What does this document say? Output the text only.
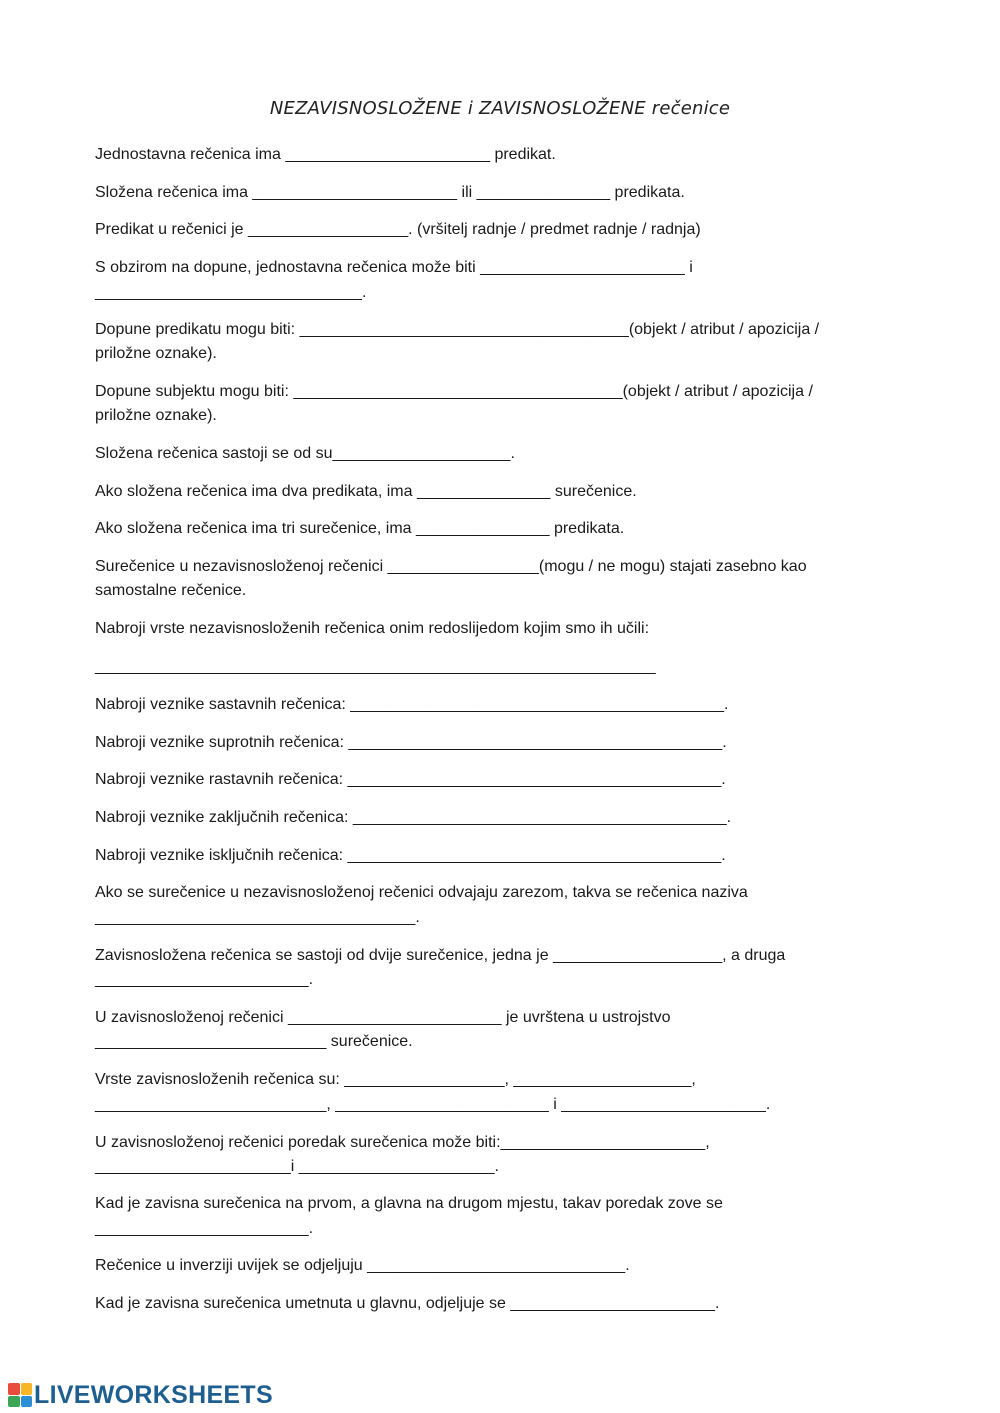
NEZAVISNOSLOŽENE i ZAVISNOSLOŽENE rečenice
Jednostavna rečenica ima _______________________ predikat.
Složena rečenica ima _______________________ ili _______________ predikata.
Predikat u rečenici je __________________. (vršitelj radnje / predmet radnje / radnja)
S obzirom na dopune, jednostavna rečenica može biti _______________________ i
______________________________.
Dopune predikatu mogu biti: _____________________________________(objekt / atribut / apozicija /
priložne oznake).
Dopune subjektu mogu biti: _____________________________________(objekt / atribut / apozicija /
priložne oznake).
Složena rečenica sastoji se od su____________________.
Ako složena rečenica ima dva predikata, ima _______________ surečenice.
Ako složena rečenica ima tri surečenice, ima _______________ predikata.
Surečenice u nezavisnosloženoj rečenici _________________(mogu / ne mogu) stajati zasebno kao
samostalne rečenice.
Nabroji vrste nezavisnosloženih rečenica onim redoslijedom kojim smo ih učili:
_______________________________________________________________
Nabroji veznike sastavnih rečenica: __________________________________________.
Nabroji veznike suprotnih rečenica: __________________________________________.
Nabroji veznike rastavnih rečenica: __________________________________________.
Nabroji veznike zaključnih rečenica: __________________________________________.
Nabroji veznike isključnih rečenica: __________________________________________.
Ako se surečenice u nezavisnosloženoj rečenici odvajaju zarezom, takva se rečenica naziva
____________________________________.
Zavisnosložena rečenica se sastoji od dvije surečenice, jedna je ___________________, a druga
________________________.
U zavisnosloženoj rečenici ________________________ je uvrštena u ustrojstvo
__________________________ surečenice.
Vrste zavisnosloženih rečenica su: __________________, ____________________,
__________________________, ________________________ i _______________________.
U zavisnosloženoj rečenici poredak surečenica može biti:_______________________,
______________________i ______________________.
Kad je zavisna surečenica na prvom, a glavna na drugom mjestu, takav poredak zove se
________________________.
Rečenice u inverziji uvijek se odjeljuju _____________________________.
Kad je zavisna surečenica umetnuta u glavnu, odjeljuje se _______________________.
LIVEWORKSHEETS
